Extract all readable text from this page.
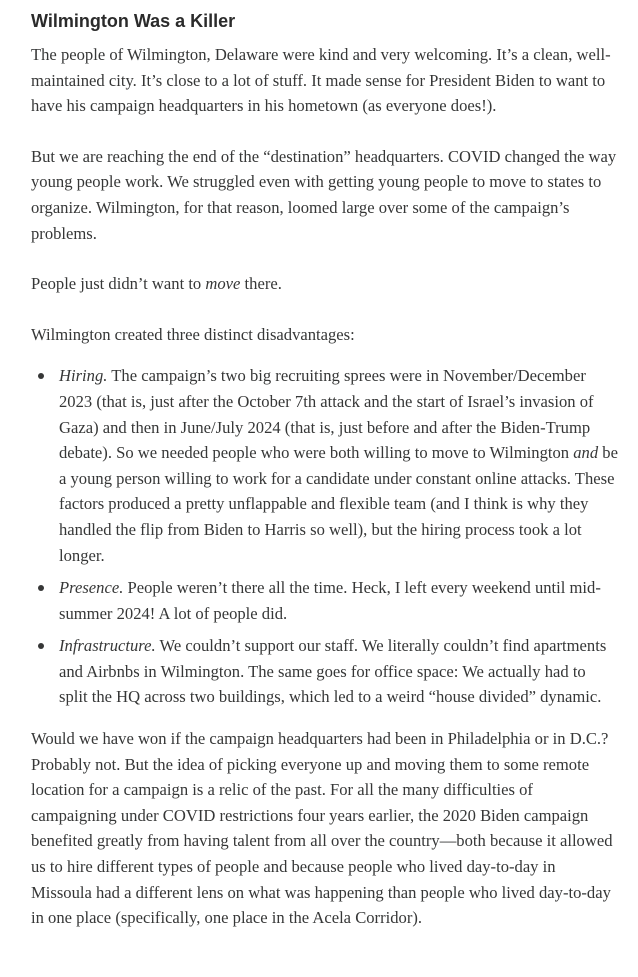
Wilmington Was a Killer

The people of Wilmington, Delaware were kind and very welcoming. It’s a clean, well-maintained city. It’s close to a lot of stuff. It made sense for President Biden to want to have his campaign headquarters in his hometown (as everyone does!).

But we are reaching the end of the “destination” headquarters. COVID changed the way young people work. We struggled even with getting young people to move to states to organize. Wilmington, for that reason, loomed large over some of the campaign’s problems.

People just didn’t want to move there.

Wilmington created three distinct disadvantages:

Hiring. The campaign’s two big recruiting sprees were in November/December 2023 (that is, just after the October 7th attack and the start of Israel’s invasion of Gaza) and then in June/July 2024 (that is, just before and after the Biden-Trump debate). So we needed people who were both willing to move to Wilmington and be a young person willing to work for a candidate under constant online attacks. These factors produced a pretty unflappable and flexible team (and I think is why they handled the flip from Biden to Harris so well), but the hiring process took a lot longer.
Presence. People weren’t there all the time. Heck, I left every weekend until mid-summer 2024! A lot of people did.
Infrastructure. We couldn’t support our staff. We literally couldn’t find apartments and Airbnbs in Wilmington. The same goes for office space: We actually had to split the HQ across two buildings, which led to a weird “house divided” dynamic.

Would we have won if the campaign headquarters had been in Philadelphia or in D.C.? Probably not. But the idea of picking everyone up and moving them to some remote location for a campaign is a relic of the past. For all the many difficulties of campaigning under COVID restrictions four years earlier, the 2020 Biden campaign benefited greatly from having talent from all over the country—both because it allowed us to hire different types of people and because people who lived day-to-day in Missoula had a different lens on what was happening than people who lived day-to-day in one place (specifically, one place in the Acela Corridor).
